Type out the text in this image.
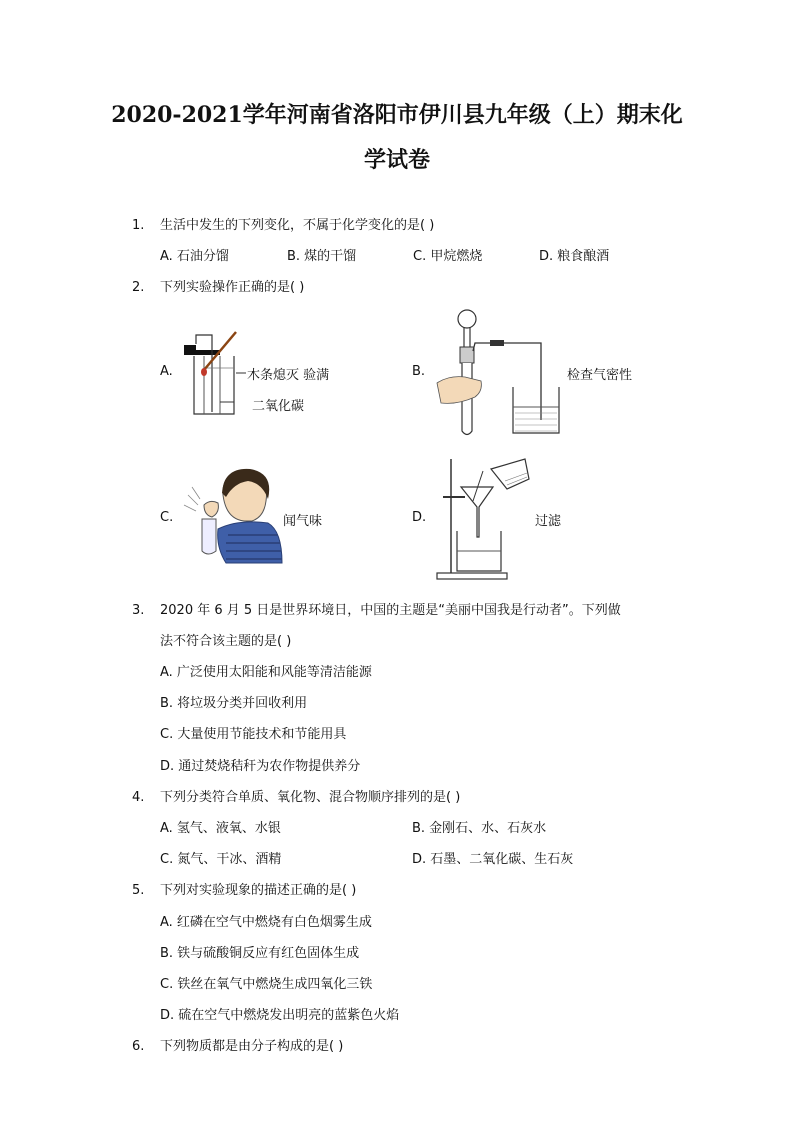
2020-2021学年河南省洛阳市伊川县九年级（上）期末化
学试卷
1. 生活中发生的下列变化，不属于化学变化的是( )
A. 石油分馏	B. 煤的干馏	C. 甲烷燃烧	D. 粮食酿酒
2. 下列实验操作正确的是( )
A.	木条熄灭 验满
二氧化碳
B.	检查气密性
C.	闻气味	D.	过滤
3. 2020 年 6 月 5 日是世界环境日，中国的主题是“美丽中国我是行动者”。下列做
法不符合该主题的是( )
A. 广泛使用太阳能和风能等清洁能源
B. 将垃圾分类并回收利用
C. 大量使用节能技术和节能用具
D. 通过焚烧秸秆为农作物提供养分
4. 下列分类符合单质、氧化物、混合物顺序排列的是( )
A. 氢气、液氧、水银	B. 金刚石、水、石灰水
C. 氮气、干冰、酒精	D. 石墨、二氧化碳、生石灰
5. 下列对实验现象的描述正确的是( )
A. 红磷在空气中燃烧有白色烟雾生成
B. 铁与硫酸铜反应有红色固体生成
C. 铁丝在氧气中燃烧生成四氧化三铁
D. 硫在空气中燃烧发出明亮的蓝紫色火焰
6. 下列物质都是由分子构成的是( )
